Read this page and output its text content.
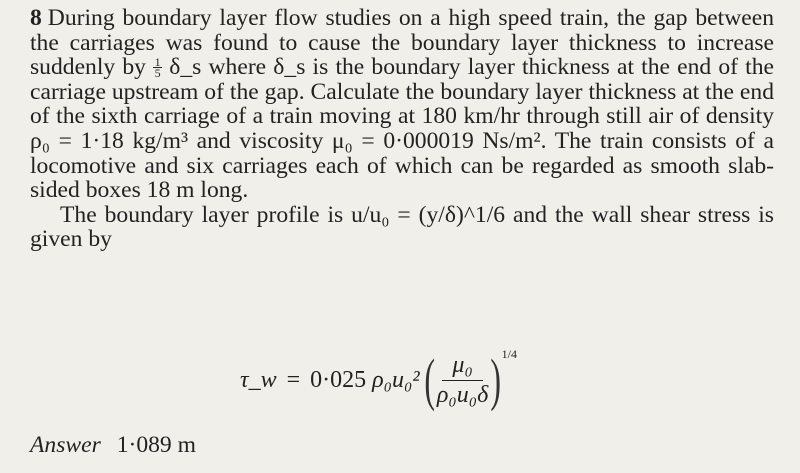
8 During boundary layer flow studies on a high speed train, the gap between the carriages was found to cause the boundary layer thickness to increase suddenly by $\frac{1}{5}$ δ_s where δ_s is the boundary layer thickness at the end of the carriage upstream of the gap. Calculate the boundary layer thickness at the end of the sixth carriage of a train moving at 180 km/hr through still air of density ρ₀ = 1·18 kg/m³ and viscosity μ₀ = 0·000019 Ns/m². The train consists of a locomotive and six carriages each of which can be regarded as smooth slab-sided boxes 18 m long.
The boundary layer profile is u/u₀ = (y/δ)^1/6 and the wall shear stress is given by
τ_w = 0·025 ρ₀ u₀² ( $\frac{\text{μ₀}}{\text{ρ₀u₀δ}}$ ) 1/4
Answer 1·089 m
